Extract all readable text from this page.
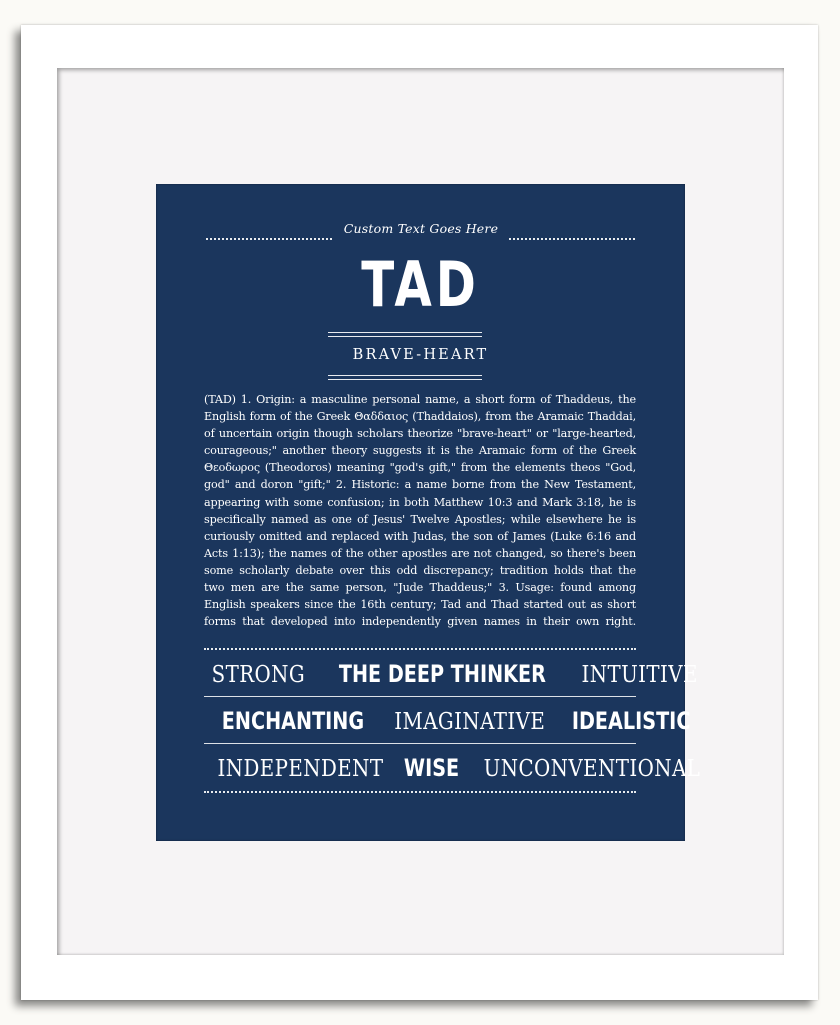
Custom Text Goes Here
TAD
BRAVE-HEART
(TAD) 1. Origin: a masculine personal name, a short form of Thaddeus, the
English form of the Greek Θαδδαιος (Thaddaios), from the Aramaic Thaddai,
of uncertain origin though scholars theorize "brave-heart" or "large-hearted,
courageous;" another theory suggests it is the Aramaic form of the Greek
Θεοδωρος (Theodoros) meaning "god's gift," from the elements theos "God,
god" and doron "gift;" 2. Historic: a name borne from the New Testament,
appearing with some confusion; in both Matthew 10:3 and Mark 3:18, he is
specifically named as one of Jesus' Twelve Apostles; while elsewhere he is
curiously omitted and replaced with Judas, the son of James (Luke 6:16 and
Acts 1:13); the names of the other apostles are not changed, so there's been
some scholarly debate over this odd discrepancy; tradition holds that the
two men are the same person, "Jude Thaddeus;" 3. Usage: found among
English speakers since the 16th century; Tad and Thad started out as short
forms that developed into independently given names in their own right.
STRONG THE DEEP THINKER INTUITIVE
ENCHANTING IMAGINATIVE IDEALISTIC
INDEPENDENT WISE UNCONVENTIONAL
